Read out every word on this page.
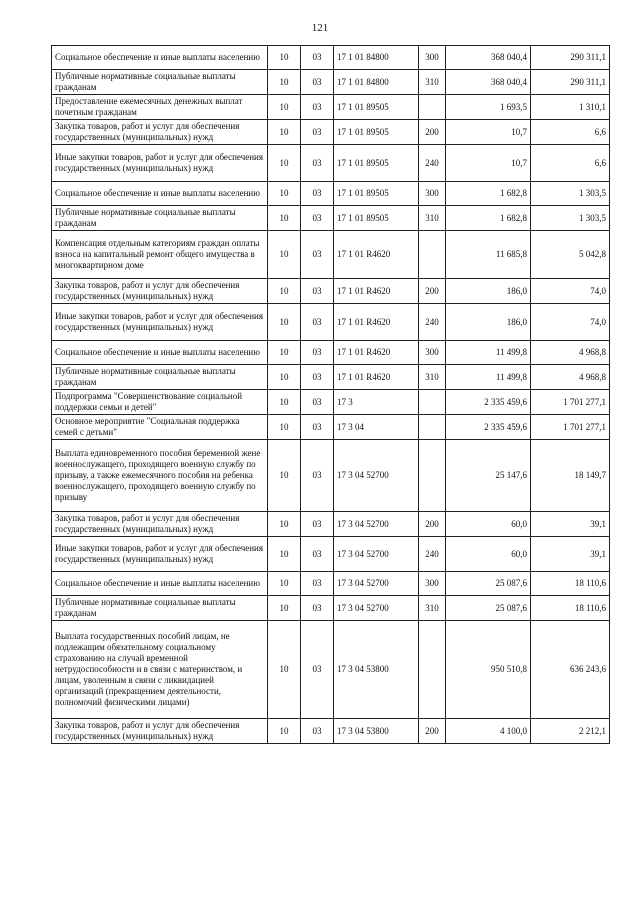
121
Социальное обеспечение и иные выплаты населению	10	03	17 1 01 84800	300	368 040,4	290 311,1
Публичные нормативные социальные выплаты гражданам	10	03	17 1 01 84800	310	368 040,4	290 311,1
Предоставление ежемесячных денежных выплат почетным гражданам	10	03	17 1 01 89505		1 693,5	1 310,1
Закупка товаров, работ и услуг для обеспечения государственных (муниципальных) нужд	10	03	17 1 01 89505	200	10,7	6,6
Иные закупки товаров, работ и услуг для обеспечения государственных (муниципальных) нужд	10	03	17 1 01 89505	240	10,7	6,6
Социальное обеспечение и иные выплаты населению	10	03	17 1 01 89505	300	1 682,8	1 303,5
Публичные нормативные социальные выплаты гражданам	10	03	17 1 01 89505	310	1 682,8	1 303,5
Компенсация отдельным категориям граждан оплаты взноса на капитальный ремонт общего имущества в многоквартирном доме	10	03	17 1 01 R4620		11 685,8	5 042,8
Закупка товаров, работ и услуг для обеспечения государственных (муниципальных) нужд	10	03	17 1 01 R4620	200	186,0	74,0
Иные закупки товаров, работ и услуг для обеспечения государственных (муниципальных) нужд	10	03	17 1 01 R4620	240	186,0	74,0
Социальное обеспечение и иные выплаты населению	10	03	17 1 01 R4620	300	11 499,8	4 968,8
Публичные нормативные социальные выплаты гражданам	10	03	17 1 01 R4620	310	11 499,8	4 968,8
Подпрограмма "Совершенствование социальной поддержки семьи и детей"	10	03	17 3		2 335 459,6	1 701 277,1
Основное мероприятие "Социальная поддержка семей с детьми"	10	03	17 3 04		2 335 459,6	1 701 277,1
Выплата единовременного пособия беременной жене военнослужащего, проходящего военную службу по призыву, а также ежемесячного пособия на ребенка военнослужащего, проходящего военную службу по призыву	10	03	17 3 04 52700		25 147,6	18 149,7
Закупка товаров, работ и услуг для обеспечения государственных (муниципальных) нужд	10	03	17 3 04 52700	200	60,0	39,1
Иные закупки товаров, работ и услуг для обеспечения государственных (муниципальных) нужд	10	03	17 3 04 52700	240	60,0	39,1
Социальное обеспечение и иные выплаты населению	10	03	17 3 04 52700	300	25 087,6	18 110,6
Публичные нормативные социальные выплаты гражданам	10	03	17 3 04 52700	310	25 087,6	18 110,6
Выплата государственных пособий лицам, не подлежащим обязательному социальному страхованию на случай временной нетрудоспособности и в связи с материнством, и лицам, уволенным в связи с ликвидацией организаций (прекращением деятельности, полномочий физическими лицами)	10	03	17 3 04 53800		950 510,8	636 243,6
Закупка товаров, работ и услуг для обеспечения государственных (муниципальных) нужд	10	03	17 3 04 53800	200	4 100,0	2 212,1
